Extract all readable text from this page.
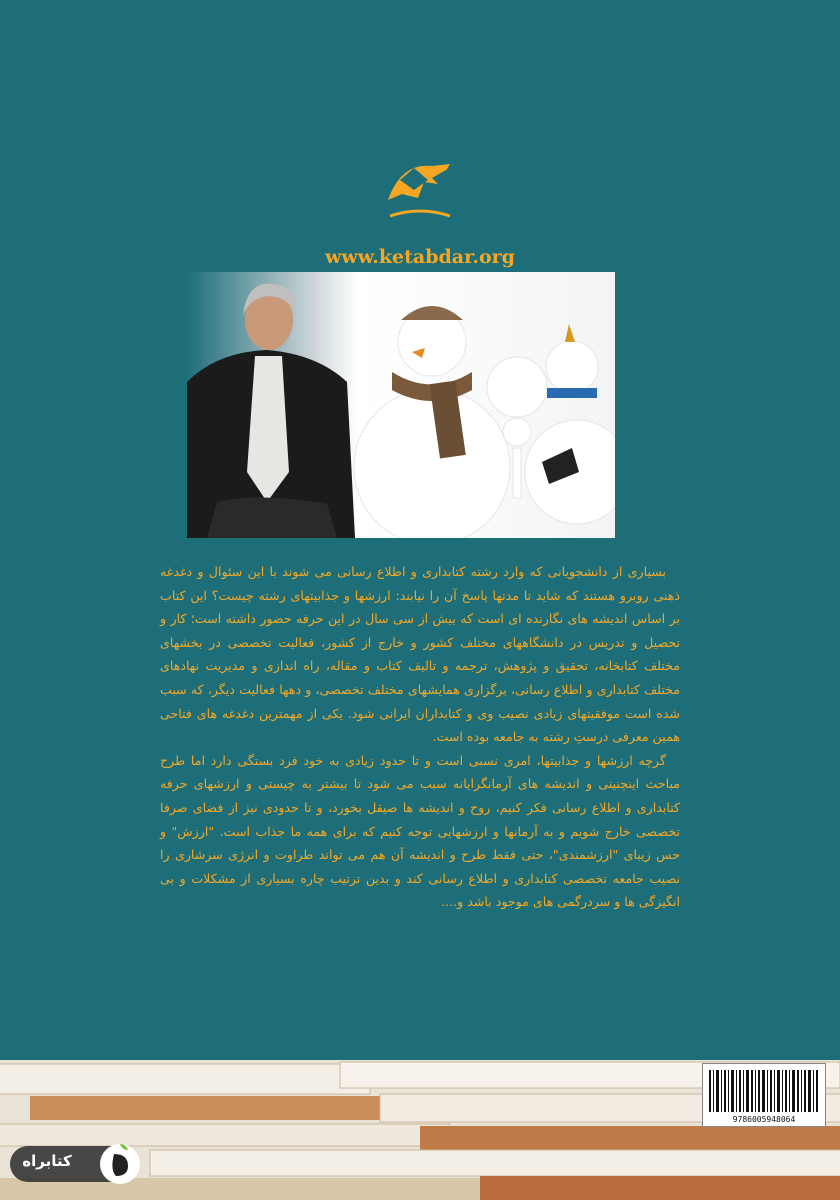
www.ketabdar.org

بسیاری از دانشجویانی که وارد رشته کتابداری و اطلاع رسانی می شوند با این سئوال و دغدغه ذهنی روبرو هستند که شاید تا مدتها پاسخ آن را نیابند: ارزشها و جذابیتهای رشته چیست؟ این کتاب بر اساس اندیشه های نگارنده ای است که بیش از سی سال در این حرفه حضور داشته است؛ کار و تحصیل و تدریس در دانشگاههای مختلف کشور و خارج از کشور، فعالیت تخصصی در بخشهای مختلف کتابخانه، تحقیق و پژوهش، ترجمه و تالیف کتاب و مقاله، راه اندازی و مدیریت نهادهای مختلف کتابداری و اطلاع رسانی، برگزاری همایشهای مختلف تخصصی، و دهها فعالیت دیگر، که سبب شده است موفقیتهای زیادی نصیب وی و کتابداران ایرانی شود. یکی از مهمترین دغدغه های فتاحی همین معرفی درستِ رشته به جامعه بوده است.

گرچه ارزشها و جذابیتها، امری نسبی است و تا حدود زیادی به خود فرد بستگی دارد اما طرح مباحث اینچنینی و اندیشه های آرمانگرایانه سبب می شود تا بیشتر به چیستی و ارزشهای حرفه کتابداری و اطلاع رسانی فکر کنیم، روح و اندیشه ها صیقل بخورد، و تا حدودی نیز از فضای صرفا تخصصی خارج شویم و به آرمانها و ارزشهایی توجه کنیم که برای همه ما جذاب است. "ارزش" و حس زیبای "ارزشمندی"، حتی فقط طرح و اندیشه آن هم می تواند طراوت و انرژی سرشاری را نصیب جامعه تخصصی کتابداری و اطلاع رسانی کند و بدین ترتیب چاره بسیاری از مشکلات و بی انگیزگی ها و سردرگمی های موجود باشد و....

9786005948064
کتابراه
